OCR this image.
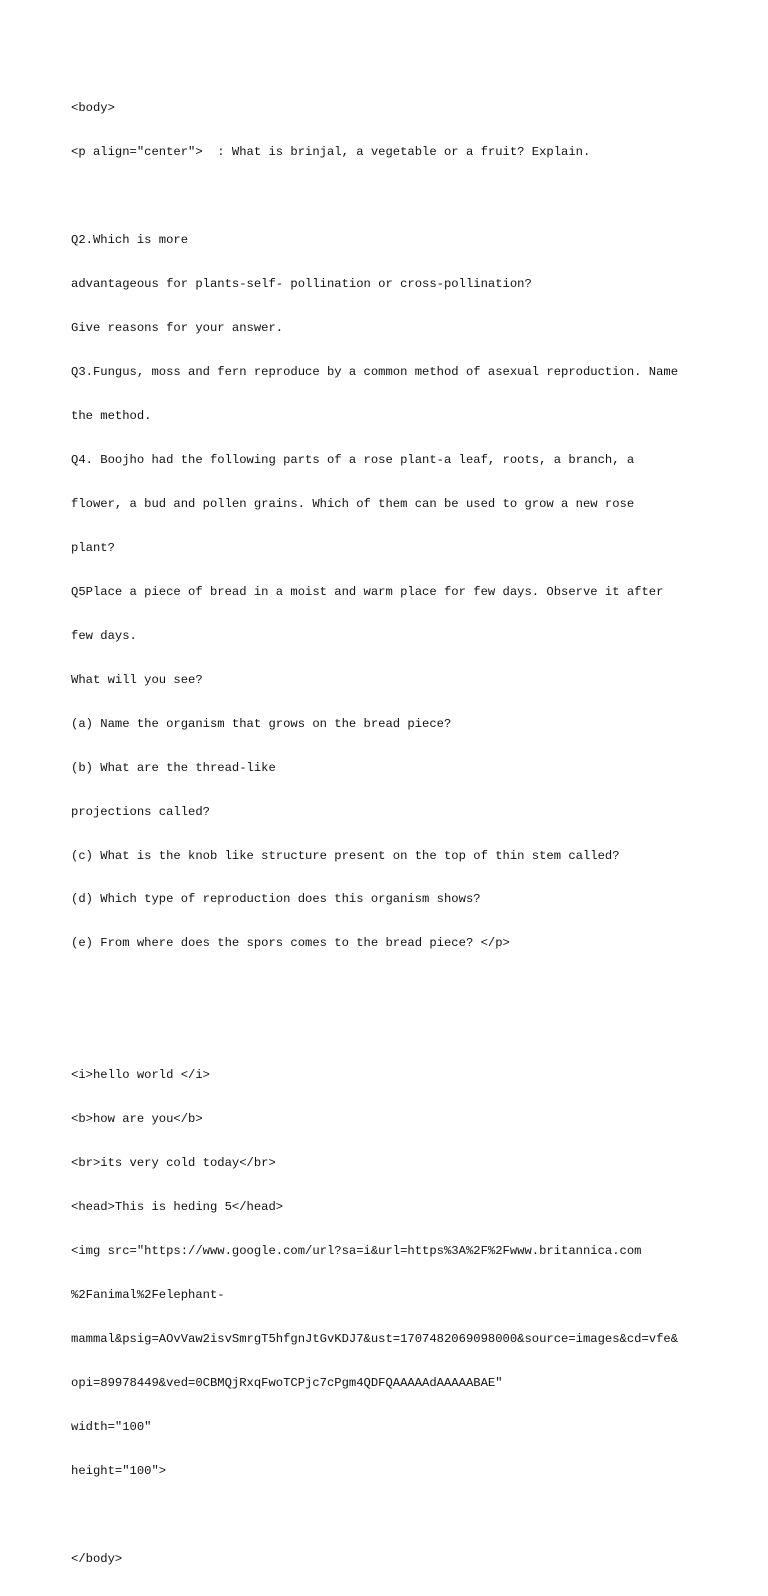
<body>

<p align="center">  : What is brinjal, a vegetable or a fruit? Explain.

Q2.Which is more

advantageous for plants-self- pollination or cross-pollination?

Give reasons for your answer.

Q3.Fungus, moss and fern reproduce by a common method of asexual reproduction. Name

the method.

Q4. Boojho had the following parts of a rose plant-a leaf, roots, a branch, a

flower, a bud and pollen grains. Which of them can be used to grow a new rose

plant?

Q5Place a piece of bread in a moist and warm place for few days. Observe it after

few days.

What will you see?

(a) Name the organism that grows on the bread piece?

(b) What are the thread-like

projections called?

(c) What is the knob like structure present on the top of thin stem called?

(d) Which type of reproduction does this organism shows?

(e) From where does the spors comes to the bread piece? </p>

<i>hello world </i>

<b>how are you</b>

<br>its very cold today</br>

<head>This is heding 5</head>

<img src="https://www.google.com/url?sa=i&url=https%3A%2F%2Fwww.britannica.com

%2Fanimal%2Felephant-

mammal&psig=AOvVaw2isvSmrgT5hfgnJtGvKDJ7&ust=1707482069098000&source=images&cd=vfe&

opi=89978449&ved=0CBMQjRxqFwoTCPjc7cPgm4QDFQAAAAAdAAAAABAE"

width="100"

height="100">

</body>
